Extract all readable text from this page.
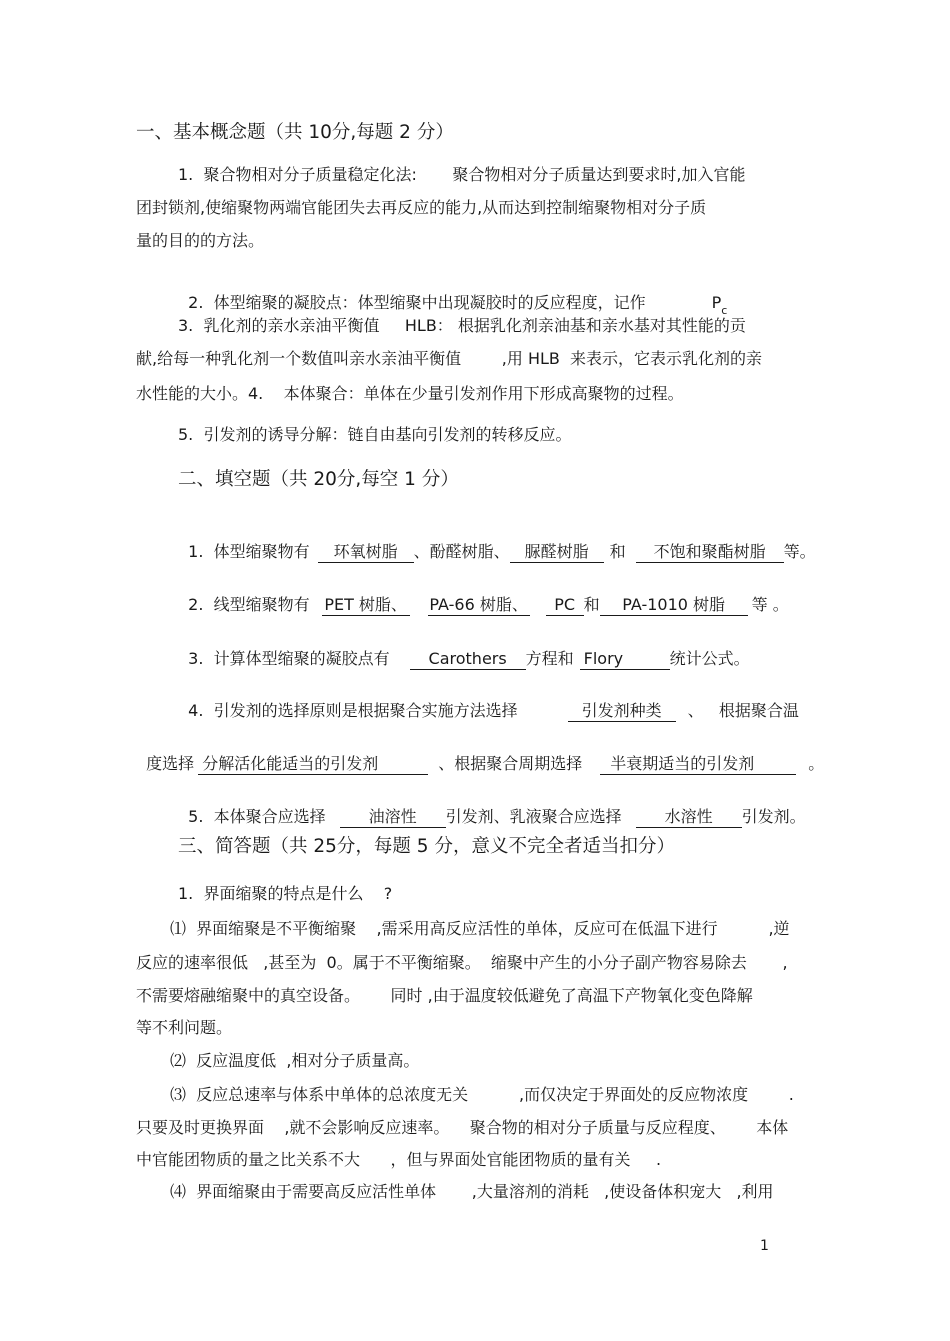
一、基本概念题（共 10分,每题 2 分）
1.  聚合物相对分子质量稳定化法:       聚合物相对分子质量达到要求时,加入官能
团封锁剂,使缩聚物两端官能团失去再反应的能力,从而达到控制缩聚物相对分子质
量的目的的方法。

2.  体型缩聚的凝胶点：体型缩聚中出现凝胶时的反应程度，记作	$P_c$

3.  乳化剂的亲水亲油平衡值     HLB： 根据乳化剂亲油基和亲水基对其性能的贡
献,给每一种乳化剂一个数值叫亲水亲油平衡值        ,用 HLB  来表示，它表示乳化剂的亲
水性能的大小。4.    本体聚合：单体在少量引发剂作用下形成高聚物的过程。
5.  引发剂的诱导分解：链自由基向引发剂的转移反应。
二、填空题（共 20分,每空 1 分）

1.  体型缩聚物有 环氧树脂 、酚醛树脂、 脲醛树脂 和 不饱和聚酯树脂 等。

2.  线型缩聚物有 PET 树脂、 PA-66 树脂、 PC 和 PA-1010 树脂 等 。

3.  计算体型缩聚的凝胶点有 Carothers 方程和 Flory	统计公式。

4.  引发剂的选择原则是根据聚合实施方法选择	引发剂种类 、   根据聚合温

度选择 分解活化能适当的引发剂	、根据聚合周期选择 半衰期适当的引发剂	。

5.  本体聚合应选择	油溶性 引发剂、乳液聚合应选择	水溶性 引发剂。

三、简答题（共 25分，每题 5 分，意义不完全者适当扣分）
1.  界面缩聚的特点是什么    ?
⑴  界面缩聚是不平衡缩聚    ,需采用高反应活性的单体，反应可在低温下进行          ,逆
反应的速率很低   ,甚至为  0。属于不平衡缩聚。  缩聚中产生的小分子副产物容易除去       ,
不需要熔融缩聚中的真空设备。      同时 ,由于温度较低避免了高温下产物氧化变色降解
等不利问题。
⑵  反应温度低  ,相对分子质量高。
⑶  反应总速率与体系中单体的总浓度无关          ,而仅决定于界面处的反应物浓度        .
只要及时更换界面    ,就不会影响反应速率。    聚合物的相对分子质量与反应程度、      本体
中官能团物质的量之比关系不大      ，但与界面处官能团物质的量有关     .
⑷  界面缩聚由于需要高反应活性单体       ,大量溶剂的消耗   ,使设备体积宠大   ,利用
1
